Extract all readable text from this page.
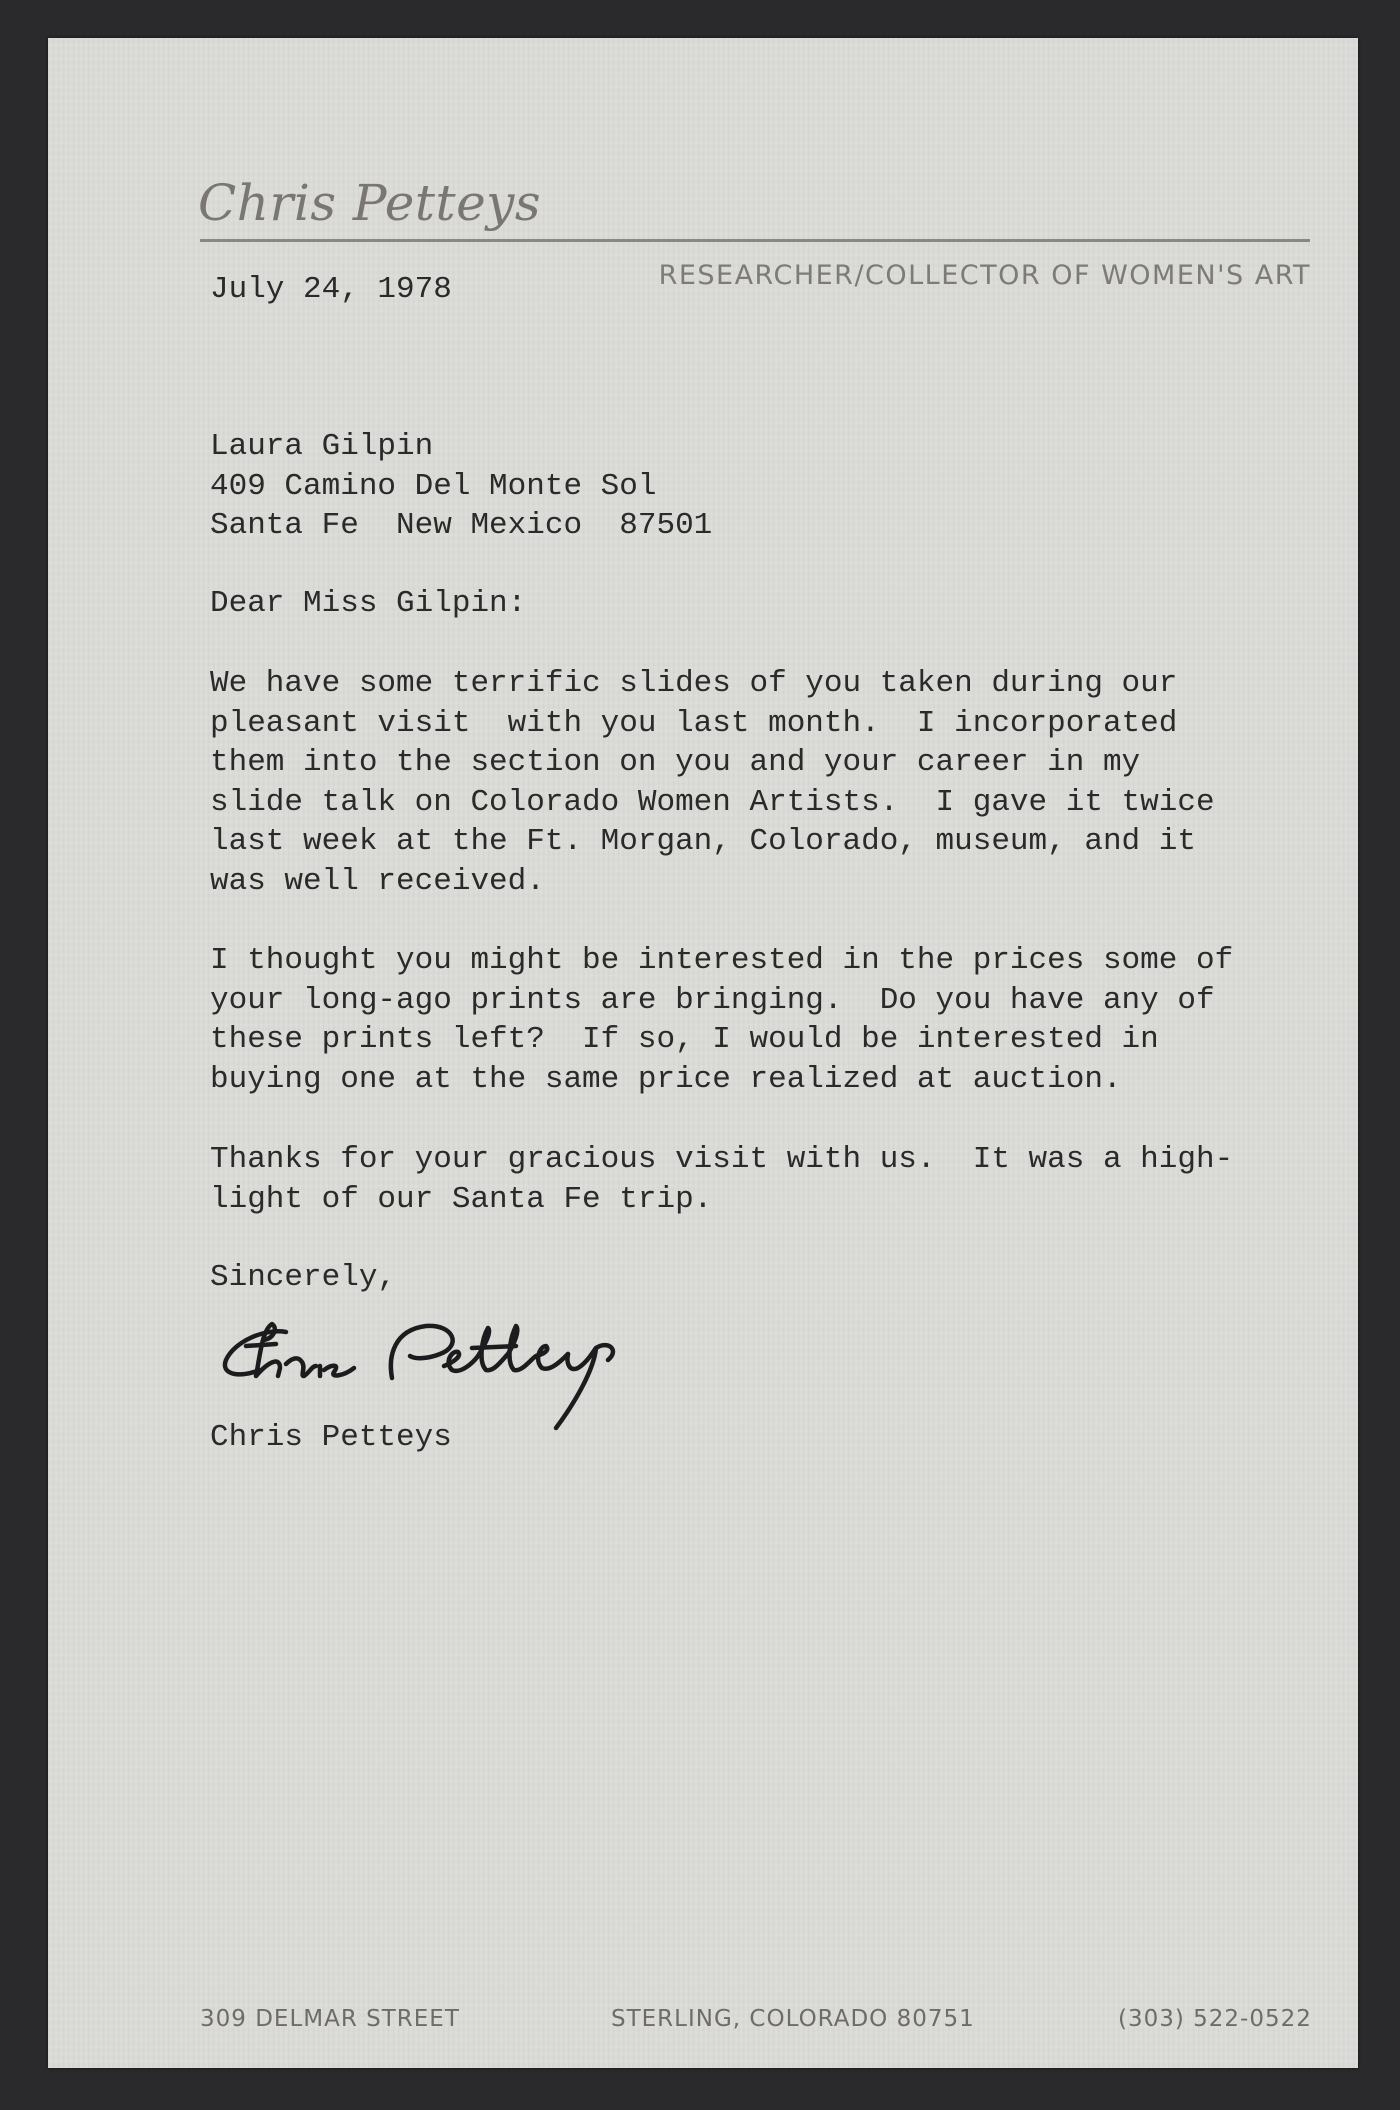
Chris Petteys
RESEARCHER/COLLECTOR OF WOMEN'S ART
July 24, 1978
Laura Gilpin
409 Camino Del Monte Sol
Santa Fe  New Mexico  87501
Dear Miss Gilpin:
We have some terrific slides of you taken during our
pleasant visit  with you last month.  I incorporated
them into the section on you and your career in my
slide talk on Colorado Women Artists.  I gave it twice
last week at the Ft. Morgan, Colorado, museum, and it
was well received.
I thought you might be interested in the prices some of
your long-ago prints are bringing.  Do you have any of
these prints left?  If so, I would be interested in
buying one at the same price realized at auction.
Thanks for your gracious visit with us.  It was a high-
light of our Santa Fe trip.
Sincerely,
Chris Petteys
309 DELMAR STREET	STERLING, COLORADO 80751	(303) 522-0522
